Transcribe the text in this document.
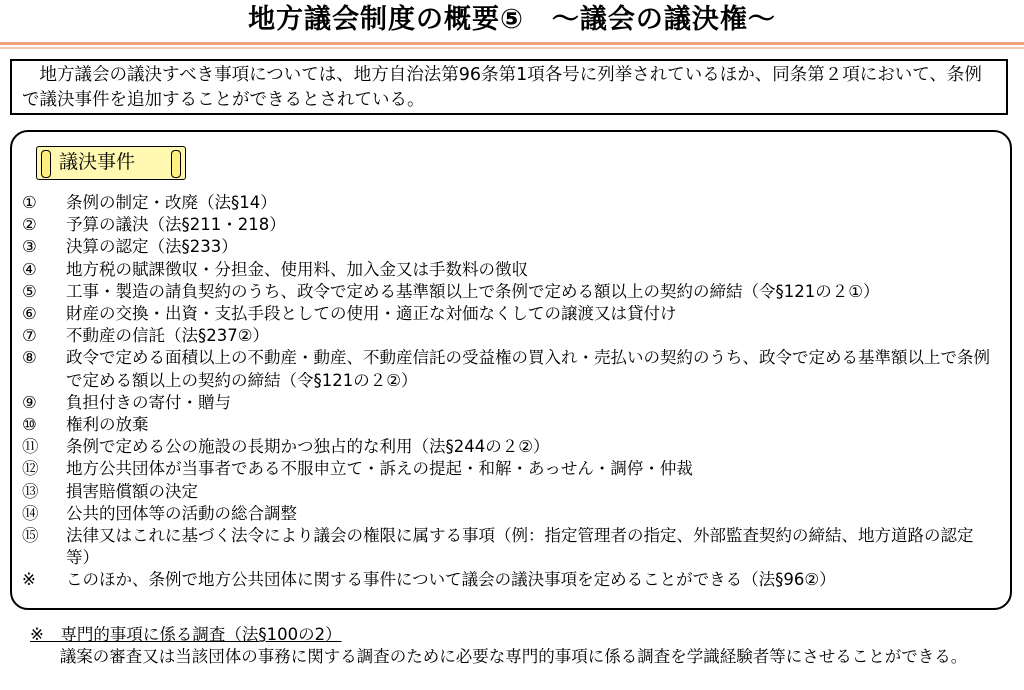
地方議会制度の概要⑤　～議会の議決権～

地方議会の議決すべき事項については、地方自治法第96条第1項各号に列挙されているほか、同条第２項において、条例で議決事件を追加することができるとされている。

議決事件
①	条例の制定・改廃（法§14）
②	予算の議決（法§211・218）
③	決算の認定（法§233）
④	地方税の賦課徴収・分担金、使用料、加入金又は手数料の徴収
⑤	工事・製造の請負契約のうち、政令で定める基準額以上で条例で定める額以上の契約の締結（令§121の２①）
⑥	財産の交換・出資・支払手段としての使用・適正な対価なくしての譲渡又は貸付け
⑦	不動産の信託（法§237②）
⑧	政令で定める面積以上の不動産・動産、不動産信託の受益権の買入れ・売払いの契約のうち、政令で定める基準額以上で条例で定める額以上の契約の締結（令§121の２②）
⑨	負担付きの寄付・贈与
⑩	権利の放棄
⑪	条例で定める公の施設の長期かつ独占的な利用（法§244の２②）
⑫	地方公共団体が当事者である不服申立て・訴えの提起・和解・あっせん・調停・仲裁
⑬	損害賠償額の決定
⑭	公共的団体等の活動の総合調整
⑮	法律又はこれに基づく法令により議会の権限に属する事項（例：指定管理者の指定、外部監査契約の締結、地方道路の認定　等）
※	このほか、条例で地方公共団体に関する事件について議会の議決事項を定めることができる（法§96②）
※　専門的事項に係る調査（法§100の2）
議案の審査又は当該団体の事務に関する調査のために必要な専門的事項に係る調査を学識経験者等にさせることができる。
